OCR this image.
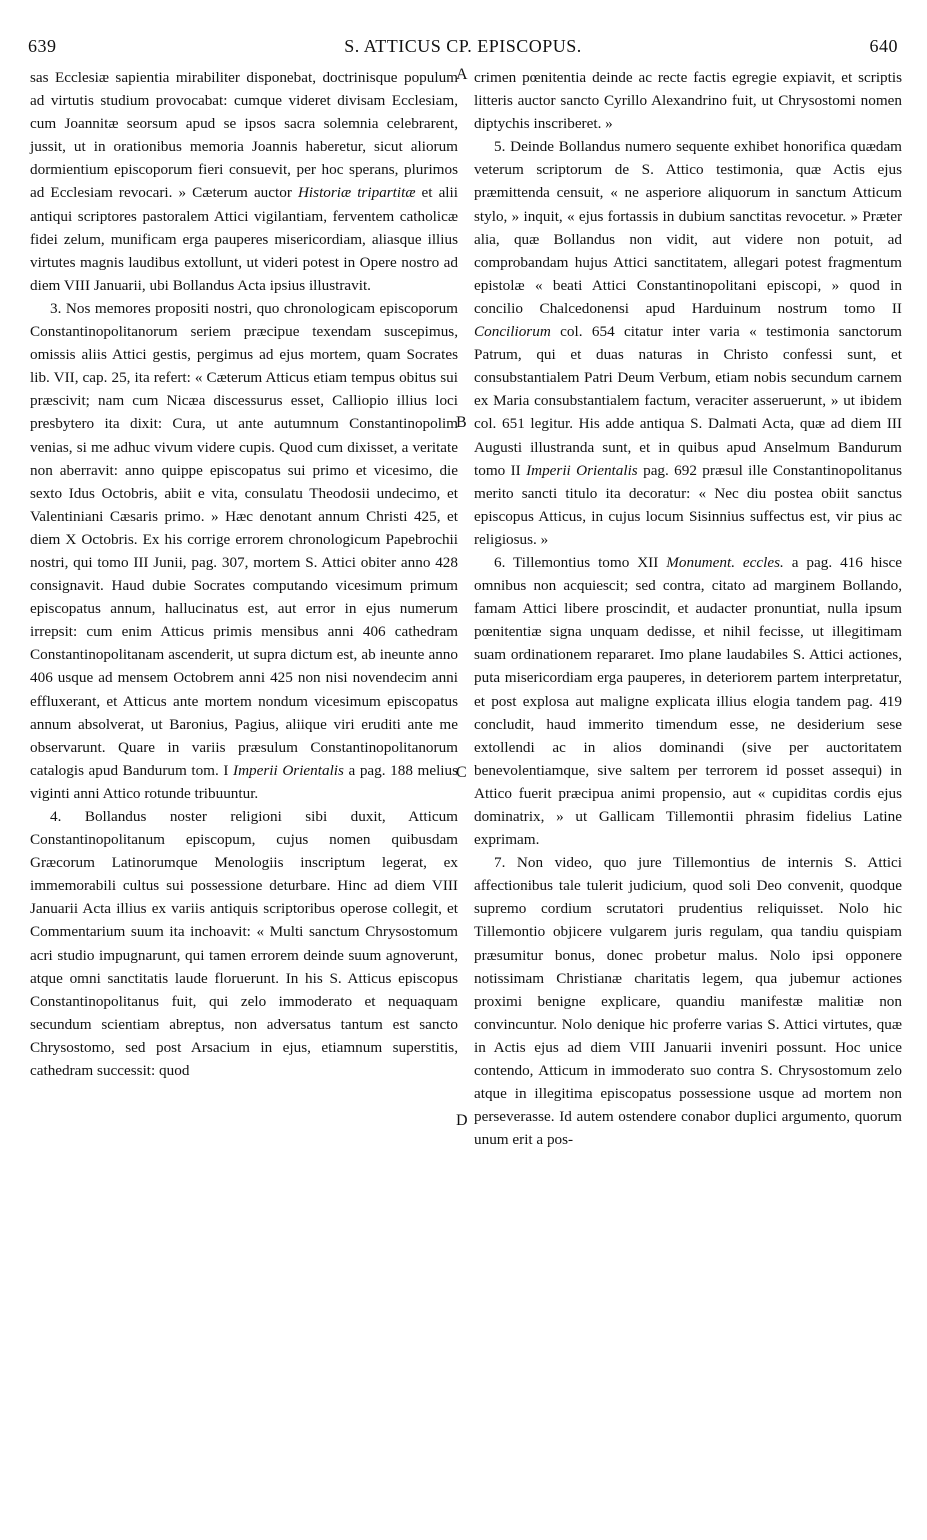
639	S. ATTICUS CP. EPISCOPUS.	640
A
B
C
D

sas Ecclesiæ sapientia mirabiliter disponebat, doctrinisque populum ad virtutis studium provocabat: cumque videret divisam Ecclesiam, cum Joannitæ seorsum apud se ipsos sacra solemnia celebrarent, jussit, ut in orationibus memoria Joannis haberetur, sicut aliorum dormientium episcoporum fieri consuevit, per hoc sperans, plurimos ad Ecclesiam revocari. » Cæterum auctor Historiæ tripartitæ et alii antiqui scriptores pastoralem Attici vigilantiam, ferventem catholicæ fidei zelum, munificam erga pauperes misericordiam, aliasque illius virtutes magnis laudibus extollunt, ut videri potest in Opere nostro ad diem VIII Januarii, ubi Bollandus Acta ipsius illustravit.

3. Nos memores propositi nostri, quo chronologicam episcoporum Constantinopolitanorum seriem præcipue texendam suscepimus, omissis aliis Attici gestis, pergimus ad ejus mortem, quam Socrates lib. VII, cap. 25, ita refert: « Cæterum Atticus etiam tempus obitus sui præscivit; nam cum Nicæa discessurus esset, Calliopio illius loci presbytero ita dixit: Cura, ut ante autumnum Constantinopolim venias, si me adhuc vivum videre cupis. Quod cum dixisset, a veritate non aberravit: anno quippe episcopatus sui primo et vicesimo, die sexto Idus Octobris, abiit e vita, consulatu Theodosii undecimo, et Valentiniani Cæsaris primo. » Hæc denotant annum Christi 425, et diem X Octobris. Ex his corrige errorem chronologicum Papebrochii nostri, qui tomo III Junii, pag. 307, mortem S. Attici obiter anno 428 consignavit. Haud dubie Socrates computando vicesimum primum episcopatus annum, hallucinatus est, aut error in ejus numerum irrepsit: cum enim Atticus primis mensibus anni 406 cathedram Constantinopolitanam ascenderit, ut supra dictum est, ab ineunte anno 406 usque ad mensem Octobrem anni 425 non nisi novendecim anni effluxerant, et Atticus ante mortem nondum vicesimum episcopatus annum absolverat, ut Baronius, Pagius, aliique viri eruditi ante me observarunt. Quare in variis præsulum Constantinopolitanorum catalogis apud Bandurum tom. I Imperii Orientalis a pag. 188 melius viginti anni Attico rotunde tribuuntur.

4. Bollandus noster religioni sibi duxit, Atticum Constantinopolitanum episcopum, cujus nomen quibusdam Græcorum Latinorumque Menologiis inscriptum legerat, ex immemorabili cultus sui possessione deturbare. Hinc ad diem VIII Januarii Acta illius ex variis antiquis scriptoribus operose collegit, et Commentarium suum ita inchoavit: « Multi sanctum Chrysostomum acri studio impugnarunt, qui tamen errorem deinde suum agnoverunt, atque omni sanctitatis laude floruerunt. In his S. Atticus episcopus Constantinopolitanus fuit, qui zelo immoderato et nequaquam secundum scientiam abreptus, non adversatus tantum est sancto Chrysostomo, sed post Arsacium in ejus, etiamnum superstitis, cathedram successit: quod

crimen pœnitentia deinde ac recte factis egregie expiavit, et scriptis litteris auctor sancto Cyrillo Alexandrino fuit, ut Chrysostomi nomen diptychis inscriberet. »

5. Deinde Bollandus numero sequente exhibet honorifica quædam veterum scriptorum de S. Attico testimonia, quæ Actis ejus præmittenda censuit, « ne asperiore aliquorum in sanctum Atticum stylo, » inquit, « ejus fortassis in dubium sanctitas revocetur. » Præter alia, quæ Bollandus non vidit, aut videre non potuit, ad comprobandam hujus Attici sanctitatem, allegari potest fragmentum epistolæ « beati Attici Constantinopolitani episcopi, » quod in concilio Chalcedonensi apud Harduinum nostrum tomo II Conciliorum col. 654 citatur inter varia « testimonia sanctorum Patrum, qui et duas naturas in Christo confessi sunt, et consubstantialem Patri Deum Verbum, etiam nobis secundum carnem ex Maria consubstantialem factum, veraciter asseruerunt, » ut ibidem col. 651 legitur. His adde antiqua S. Dalmati Acta, quæ ad diem III Augusti illustranda sunt, et in quibus apud Anselmum Bandurum tomo II Imperii Orientalis pag. 692 præsul ille Constantinopolitanus merito sancti titulo ita decoratur: « Nec diu postea obiit sanctus episcopus Atticus, in cujus locum Sisinnius suffectus est, vir pius ac religiosus. »

6. Tillemontius tomo XII Monument. eccles. a pag. 416 hisce omnibus non acquiescit; sed contra, citato ad marginem Bollando, famam Attici libere proscindit, et audacter pronuntiat, nulla ipsum pœnitentiæ signa unquam dedisse, et nihil fecisse, ut illegitimam suam ordinationem repararet. Imo plane laudabiles S. Attici actiones, puta misericordiam erga pauperes, in deteriorem partem interpretatur, et post explosa aut maligne explicata illius elogia tandem pag. 419 concludit, haud immerito timendum esse, ne desiderium sese extollendi ac in alios dominandi (sive per auctoritatem benevolentiamque, sive saltem per terrorem id posset assequi) in Attico fuerit præcipua animi propensio, aut « cupiditas cordis ejus dominatrix, » ut Gallicam Tillemontii phrasim fidelius Latine exprimam.

7. Non video, quo jure Tillemontius de internis S. Attici affectionibus tale tulerit judicium, quod soli Deo convenit, quodque supremo cordium scrutatori prudentius reliquisset. Nolo hic Tillemontio objicere vulgarem juris regulam, qua tandiu quispiam præsumitur bonus, donec probetur malus. Nolo ipsi opponere notissimam Christianæ charitatis legem, qua jubemur actiones proximi benigne explicare, quandiu manifestæ malitiæ non convincuntur. Nolo denique hic proferre varias S. Attici virtutes, quæ in Actis ejus ad diem VIII Januarii inveniri possunt. Hoc unice contendo, Atticum in immoderato suo contra S. Chrysostomum zelo atque in illegitima episcopatus possessione usque ad mortem non perseverasse. Id autem ostendere conabor duplici argumento, quorum unum erit a pos-
